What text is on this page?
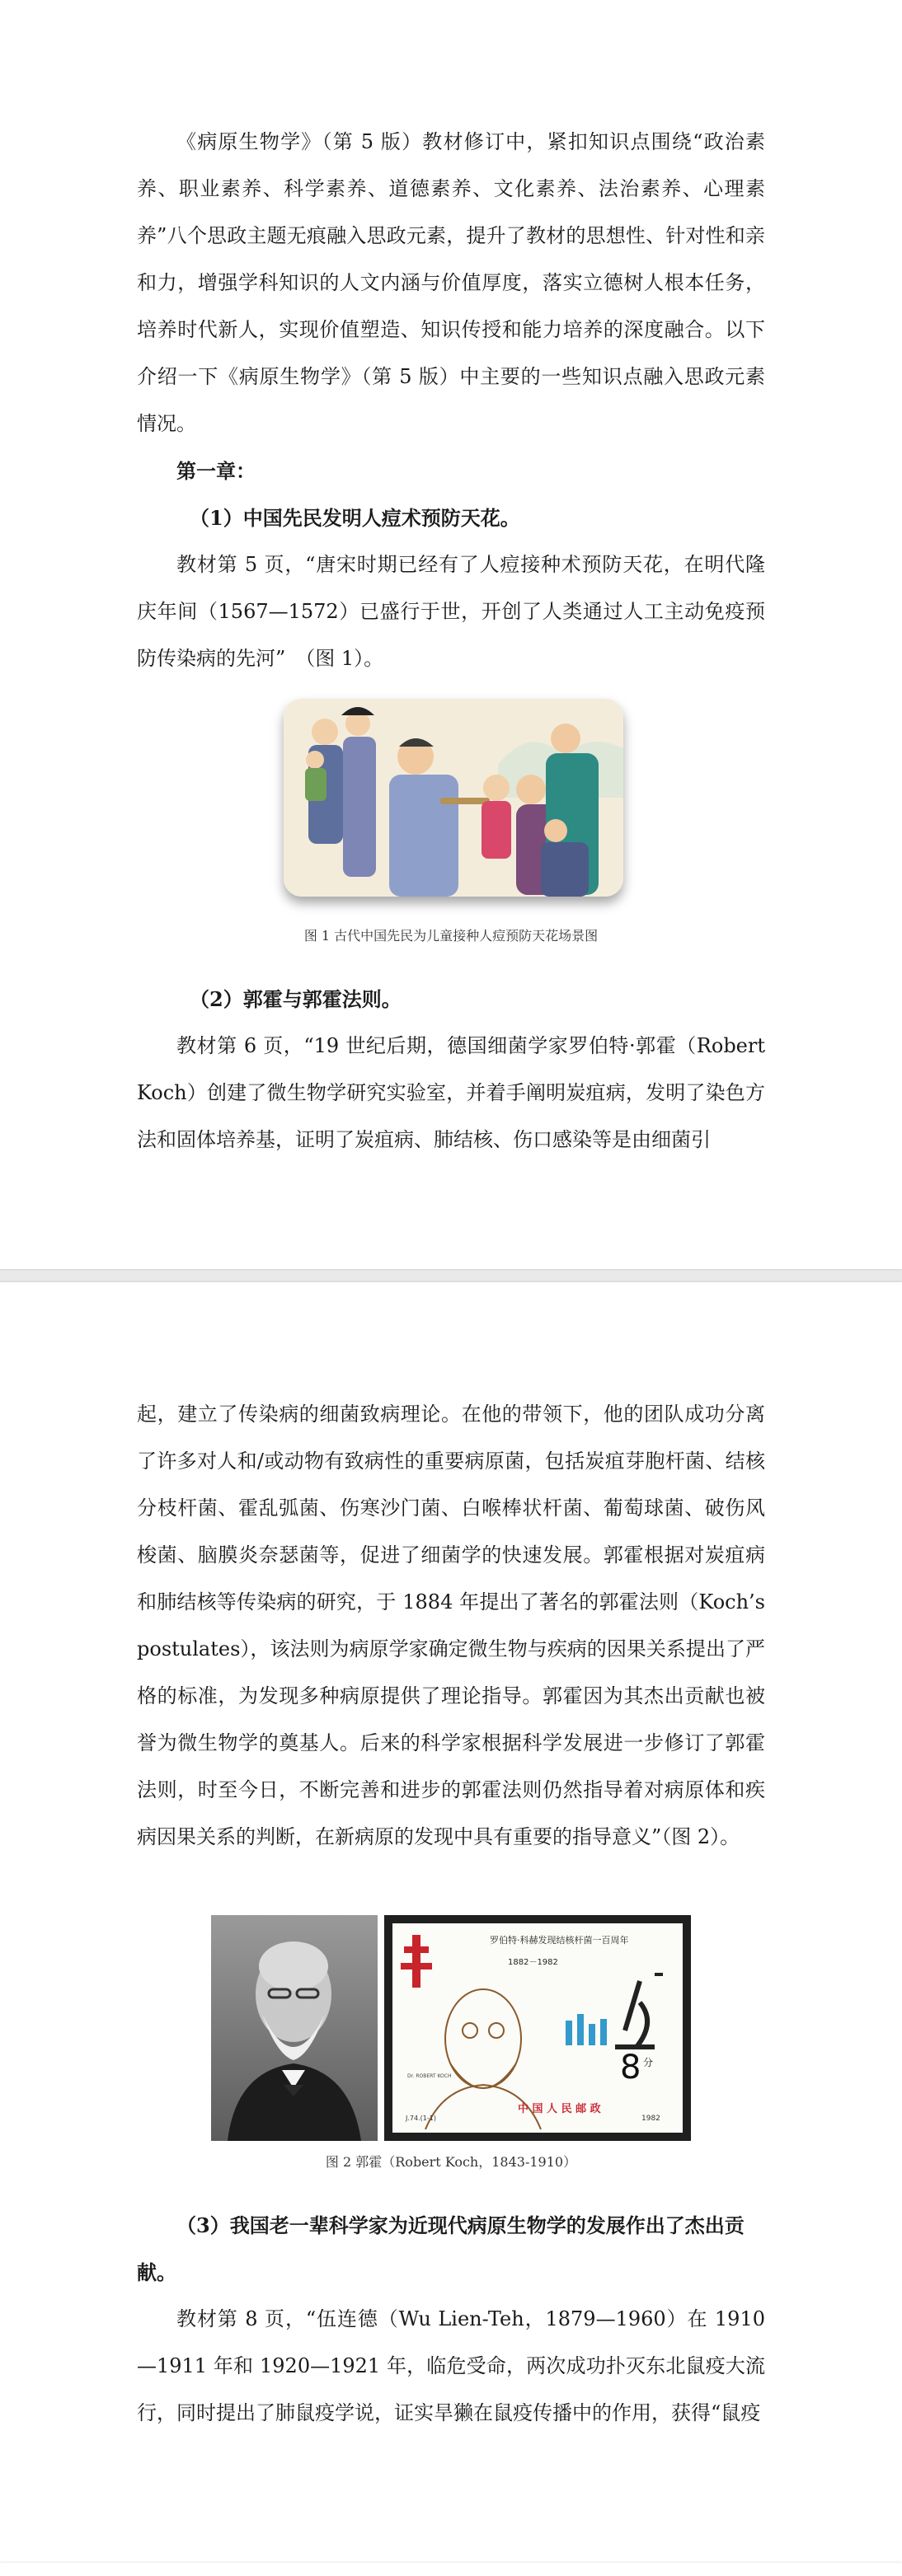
《病原生物学》（第 5 版）教材修订中，紧扣知识点围绕“政治素养、职业素养、科学素养、道德素养、文化素养、法治素养、心理素养”八个思政主题无痕融入思政元素，提升了教材的思想性、针对性和亲和力，增强学科知识的人文内涵与价值厚度，落实立德树人根本任务，培养时代新人，实现价值塑造、知识传授和能力培养的深度融合。以下介绍一下《病原生物学》（第 5 版）中主要的一些知识点融入思政元素情况。

第一章：

（1）中国先民发明人痘术预防天花。

教材第 5 页，“唐宋时期已经有了人痘接种术预防天花，在明代隆庆年间（1567—1572）已盛行于世，开创了人类通过人工主动免疫预防传染病的先河”　（图 1）。

图 1 古代中国先民为儿童接种人痘预防天花场景图

（2）郭霍与郭霍法则。

教材第 6 页，“19 世纪后期，德国细菌学家罗伯特·郭霍（Robert Koch）创建了微生物学研究实验室，并着手阐明炭疽病，发明了染色方法和固体培养基，证明了炭疽病、肺结核、伤口感染等是由细菌引

起，建立了传染病的细菌致病理论。在他的带领下，他的团队成功分离了许多对人和/或动物有致病性的重要病原菌，包括炭疽芽胞杆菌、结核分枝杆菌、霍乱弧菌、伤寒沙门菌、白喉棒状杆菌、葡萄球菌、破伤风梭菌、脑膜炎奈瑟菌等，促进了细菌学的快速发展。郭霍根据对炭疽病和肺结核等传染病的研究，于 1884 年提出了著名的郭霍法则（Koch’s postulates），该法则为病原学家确定微生物与疾病的因果关系提出了严格的标准，为发现多种病原提供了理论指导。郭霍因为其杰出贡献也被誉为微生物学的奠基人。后来的科学家根据科学发展进一步修订了郭霍法则，时至今日，不断完善和进步的郭霍法则仍然指导着对病原体和疾病因果关系的判断，在新病原的发现中具有重要的指导意义”（图 2）。

罗伯特·科赫发现结核杆菌一百周年
1882－1982
Dr. ROBERT KOCH	8 分
中 国 人 民 邮 政
J.74.(1-1)	1982
图 2 郭霍（Robert Koch，1843-1910）

（3）我国老一辈科学家为近现代病原生物学的发展作出了杰出贡献。

教材第 8 页，“伍连德（Wu Lien-Teh，1879—1960）在 1910—1911 年和 1920—1921 年，临危受命，两次成功扑灭东北鼠疫大流行，同时提出了肺鼠疫学说，证实旱獭在鼠疫传播中的作用，获得“鼠疫
